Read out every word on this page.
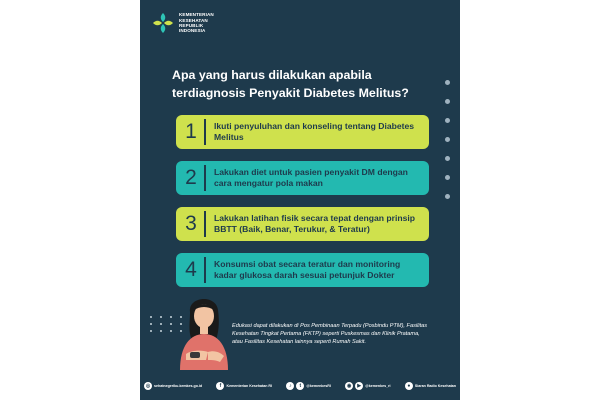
KEMENTERIAN
KESEHATAN
REPUBLIK
INDONESIA
Apa yang harus dilakukan apabila terdiagnosis Penyakit Diabetes Melitus?
1	Ikuti penyuluhan dan konseling tentang Diabetes Melitus
2	Lakukan diet untuk pasien penyakit DM dengan cara mengatur pola makan
3	Lakukan latihan fisik secara tepat dengan prinsip BBTT (Baik, Benar, Terukur, & Teratur)
4	Konsumsi obat secara teratur dan monitoring kadar glukosa darah sesuai petunjuk Dokter
Edukasi dapat dilakukan di Pos Pembinaan Terpadu (Posbindu PTM), Fasilitas Kesehatan Tingkat Pertama (FKTP) seperti Puskesmas dan Klinik Pratama, atau Fasilitas Kesehatan lainnya seperti Rumah Sakit.
◎	sehatnegeriku.kemkes.go.id	f	Kementerian Kesehatan RI	♪	t	@kemenkesRI	◉	▶	@kemenkes_ri	●	Siaran Radio Kesehatan
